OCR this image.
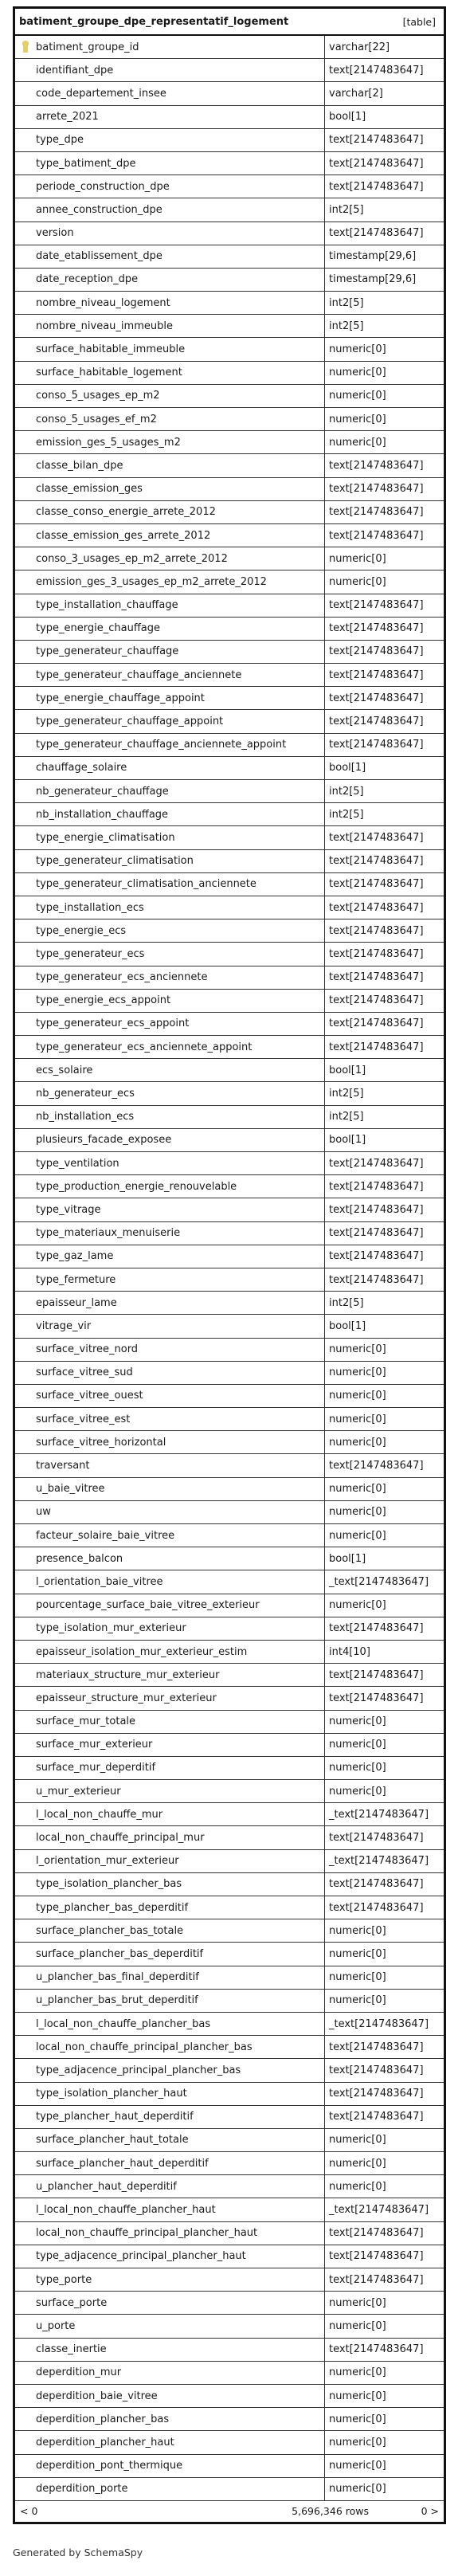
batiment_groupe_dpe_representatif_logement	[table]
batiment_groupe_id	varchar[22]
identifiant_dpe	text[2147483647]
code_departement_insee	varchar[2]
arrete_2021	bool[1]
type_dpe	text[2147483647]
type_batiment_dpe	text[2147483647]
periode_construction_dpe	text[2147483647]
annee_construction_dpe	int2[5]
version	text[2147483647]
date_etablissement_dpe	timestamp[29,6]
date_reception_dpe	timestamp[29,6]
nombre_niveau_logement	int2[5]
nombre_niveau_immeuble	int2[5]
surface_habitable_immeuble	numeric[0]
surface_habitable_logement	numeric[0]
conso_5_usages_ep_m2	numeric[0]
conso_5_usages_ef_m2	numeric[0]
emission_ges_5_usages_m2	numeric[0]
classe_bilan_dpe	text[2147483647]
classe_emission_ges	text[2147483647]
classe_conso_energie_arrete_2012	text[2147483647]
classe_emission_ges_arrete_2012	text[2147483647]
conso_3_usages_ep_m2_arrete_2012	numeric[0]
emission_ges_3_usages_ep_m2_arrete_2012	numeric[0]
type_installation_chauffage	text[2147483647]
type_energie_chauffage	text[2147483647]
type_generateur_chauffage	text[2147483647]
type_generateur_chauffage_anciennete	text[2147483647]
type_energie_chauffage_appoint	text[2147483647]
type_generateur_chauffage_appoint	text[2147483647]
type_generateur_chauffage_anciennete_appoint	text[2147483647]
chauffage_solaire	bool[1]
nb_generateur_chauffage	int2[5]
nb_installation_chauffage	int2[5]
type_energie_climatisation	text[2147483647]
type_generateur_climatisation	text[2147483647]
type_generateur_climatisation_anciennete	text[2147483647]
type_installation_ecs	text[2147483647]
type_energie_ecs	text[2147483647]
type_generateur_ecs	text[2147483647]
type_generateur_ecs_anciennete	text[2147483647]
type_energie_ecs_appoint	text[2147483647]
type_generateur_ecs_appoint	text[2147483647]
type_generateur_ecs_anciennete_appoint	text[2147483647]
ecs_solaire	bool[1]
nb_generateur_ecs	int2[5]
nb_installation_ecs	int2[5]
plusieurs_facade_exposee	bool[1]
type_ventilation	text[2147483647]
type_production_energie_renouvelable	text[2147483647]
type_vitrage	text[2147483647]
type_materiaux_menuiserie	text[2147483647]
type_gaz_lame	text[2147483647]
type_fermeture	text[2147483647]
epaisseur_lame	int2[5]
vitrage_vir	bool[1]
surface_vitree_nord	numeric[0]
surface_vitree_sud	numeric[0]
surface_vitree_ouest	numeric[0]
surface_vitree_est	numeric[0]
surface_vitree_horizontal	numeric[0]
traversant	text[2147483647]
u_baie_vitree	numeric[0]
uw	numeric[0]
facteur_solaire_baie_vitree	numeric[0]
presence_balcon	bool[1]
l_orientation_baie_vitree	_text[2147483647]
pourcentage_surface_baie_vitree_exterieur	numeric[0]
type_isolation_mur_exterieur	text[2147483647]
epaisseur_isolation_mur_exterieur_estim	int4[10]
materiaux_structure_mur_exterieur	text[2147483647]
epaisseur_structure_mur_exterieur	text[2147483647]
surface_mur_totale	numeric[0]
surface_mur_exterieur	numeric[0]
surface_mur_deperditif	numeric[0]
u_mur_exterieur	numeric[0]
l_local_non_chauffe_mur	_text[2147483647]
local_non_chauffe_principal_mur	text[2147483647]
l_orientation_mur_exterieur	_text[2147483647]
type_isolation_plancher_bas	text[2147483647]
type_plancher_bas_deperditif	text[2147483647]
surface_plancher_bas_totale	numeric[0]
surface_plancher_bas_deperditif	numeric[0]
u_plancher_bas_final_deperditif	numeric[0]
u_plancher_bas_brut_deperditif	numeric[0]
l_local_non_chauffe_plancher_bas	_text[2147483647]
local_non_chauffe_principal_plancher_bas	text[2147483647]
type_adjacence_principal_plancher_bas	text[2147483647]
type_isolation_plancher_haut	text[2147483647]
type_plancher_haut_deperditif	text[2147483647]
surface_plancher_haut_totale	numeric[0]
surface_plancher_haut_deperditif	numeric[0]
u_plancher_haut_deperditif	numeric[0]
l_local_non_chauffe_plancher_haut	_text[2147483647]
local_non_chauffe_principal_plancher_haut	text[2147483647]
type_adjacence_principal_plancher_haut	text[2147483647]
type_porte	text[2147483647]
surface_porte	numeric[0]
u_porte	numeric[0]
classe_inertie	text[2147483647]
deperdition_mur	numeric[0]
deperdition_baie_vitree	numeric[0]
deperdition_plancher_bas	numeric[0]
deperdition_plancher_haut	numeric[0]
deperdition_pont_thermique	numeric[0]
deperdition_porte	numeric[0]
< 0	5,696,346 rows	0 >
Generated by SchemaSpy
